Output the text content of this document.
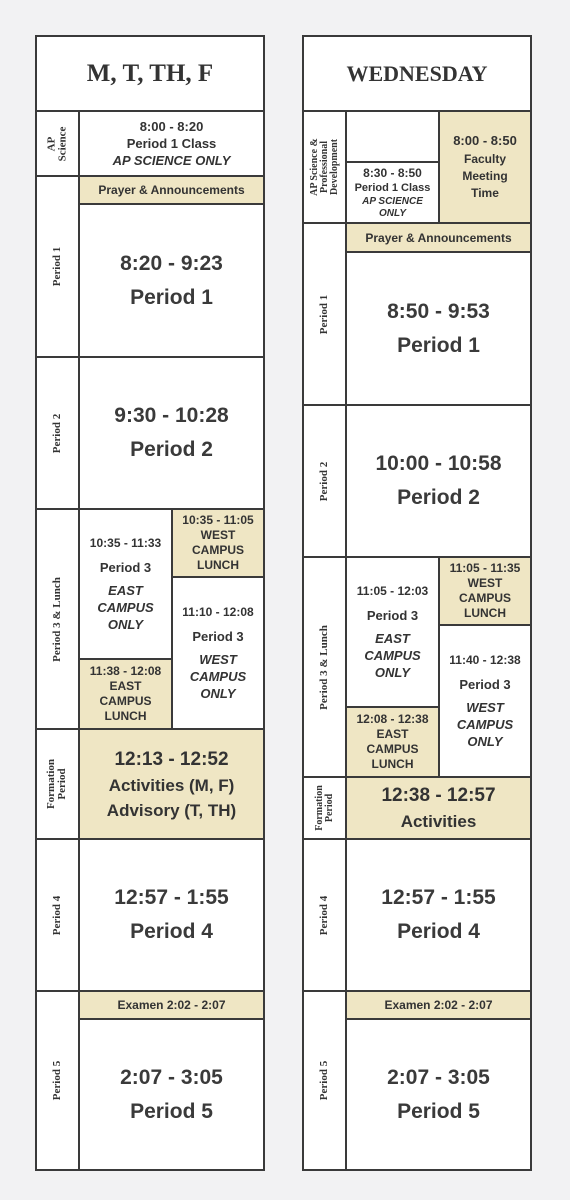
M, T, TH, F
AP Science
Period 1
Period 2
Period 3 & Lunch
Formation Period
Period 4
Period 5
8:00 - 8:20
Period 1 Class
AP SCIENCE ONLY
Prayer & Announcements
8:20 - 9:23
Period 1
9:30 - 10:28
Period 2
10:35 - 11:33
Period 3
EAST
CAMPUS
ONLY
11:38 - 12:08
EAST
CAMPUS
LUNCH
10:35 - 11:05
WEST
CAMPUS
LUNCH
11:10 - 12:08
Period 3
WEST
CAMPUS
ONLY
12:13 - 12:52
Activities (M, F)
Advisory (T, TH)
12:57 - 1:55
Period 4
Examen 2:02 - 2:07
2:07 - 3:05
Period 5
WEDNESDAY
AP Science & Professional Development
Period 1
Period 2
Period 3 & Lunch
Formation Period
Period 4
Period 5
8:30 - 8:50
Period 1 Class
AP SCIENCE
ONLY
8:00 - 8:50
Faculty
Meeting
Time
Prayer & Announcements
8:50 - 9:53
Period 1
10:00 - 10:58
Period 2
11:05 - 12:03
Period 3
EAST
CAMPUS
ONLY
12:08 - 12:38
EAST
CAMPUS
LUNCH
11:05 - 11:35
WEST
CAMPUS
LUNCH
11:40 - 12:38
Period 3
WEST
CAMPUS
ONLY
12:38 - 12:57
Activities
12:57 - 1:55
Period 4
Examen 2:02 - 2:07
2:07 - 3:05
Period 5
